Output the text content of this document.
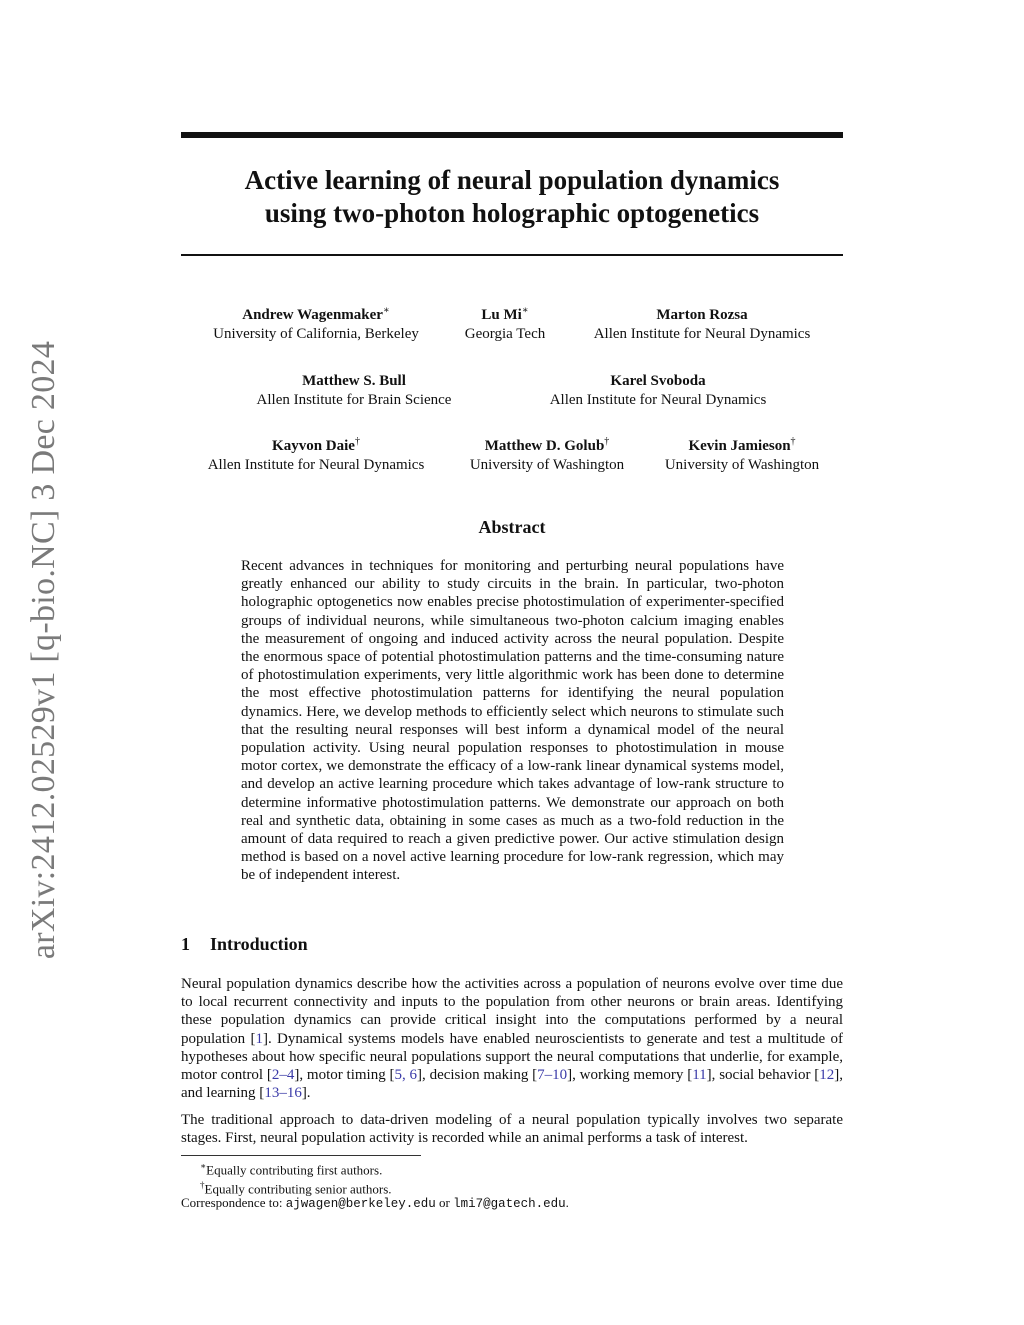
arXiv:2412.02529v1 [q-bio.NC] 3 Dec 2024
Active learning of neural population dynamics
using two-photon holographic optogenetics
Andrew Wagenmaker∗
University of California, Berkeley
Lu Mi∗
Georgia Tech
Marton Rozsa
Allen Institute for Neural Dynamics
Matthew S. Bull
Allen Institute for Brain Science
Karel Svoboda
Allen Institute for Neural Dynamics
Kayvon Daie†
Allen Institute for Neural Dynamics
Matthew D. Golub†
University of Washington
Kevin Jamieson†
University of Washington
Abstract
Recent advances in techniques for monitoring and perturbing neural populations have greatly enhanced our ability to study circuits in the brain. In particular, two-photon holographic optogenetics now enables precise photostimulation of experimenter-specified groups of individual neurons, while simultaneous two-photon calcium imaging enables the measurement of ongoing and induced activity across the neural population. Despite the enormous space of potential photostimulation patterns and the time-consuming nature of photostimulation experiments, very little algorithmic work has been done to determine the most effective photostimulation patterns for identifying the neural population dynamics. Here, we develop methods to efficiently select which neurons to stimulate such that the resulting neural responses will best inform a dynamical model of the neural population activity. Using neural population responses to photostimulation in mouse motor cortex, we demonstrate the efficacy of a low-rank linear dynamical systems model, and develop an active learning procedure which takes advantage of low-rank structure to determine informative photostimulation patterns. We demonstrate our approach on both real and synthetic data, obtaining in some cases as much as a two-fold reduction in the amount of data required to reach a given predictive power. Our active stimulation design method is based on a novel active learning procedure for low-rank regression, which may be of independent interest.
1 Introduction
Neural population dynamics describe how the activities across a population of neurons evolve over time due to local recurrent connectivity and inputs to the population from other neurons or brain areas. Identifying these population dynamics can provide critical insight into the computations performed by a neural population [1]. Dynamical systems models have enabled neuroscientists to generate and test a multitude of hypotheses about how specific neural populations support the neural computations that underlie, for example, motor control [2–4], motor timing [5, 6], decision making [7–10], working memory [11], social behavior [12], and learning [13–16].
The traditional approach to data-driven modeling of a neural population typically involves two separate stages. First, neural population activity is recorded while an animal performs a task of interest.
∗Equally contributing first authors.
†Equally contributing senior authors.
Correspondence to: ajwagen@berkeley.edu or lmi7@gatech.edu.
